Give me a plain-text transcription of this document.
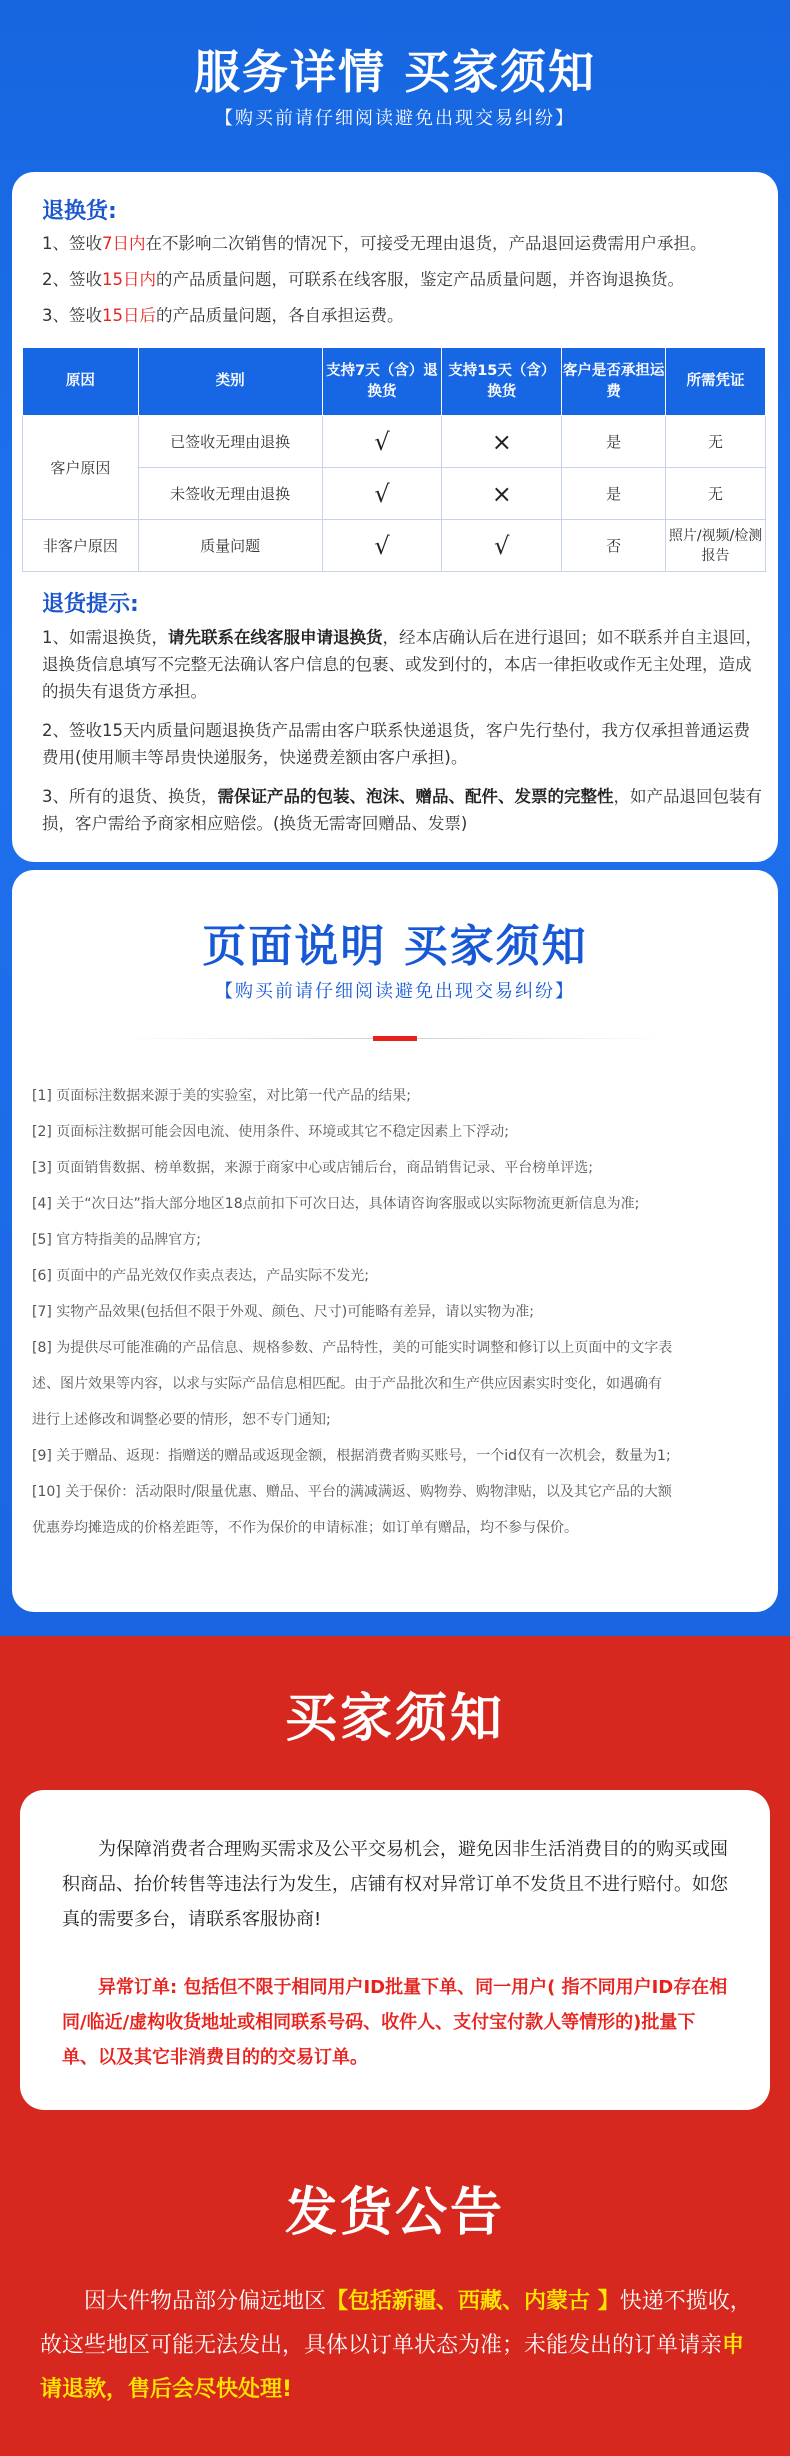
服务详情 买家须知
【购买前请仔细阅读避免出现交易纠纷】
退换货:
1、签收7日内在不影响二次销售的情况下，可接受无理由退货，产品退回运费需用户承担。
2、签收15日内的产品质量问题，可联系在线客服，鉴定产品质量问题，并咨询退换货。
3、签收15日后的产品质量问题，各自承担运费。
原因	类别	支持7天（含）退换货	支持15天（含）换货	客户是否承担运费	所需凭证
客户原因	已签收无理由退换	√	×	是	无
	未签收无理由退换	√	×	是	无
非客户原因	质量问题	√	√	否	照片/视频/检测报告
退货提示:
1、如需退换货，请先联系在线客服申请退换货，经本店确认后在进行退回；如不联系并自主退回，退换货信息填写不完整无法确认客户信息的包裹、或发到付的，本店一律拒收或作无主处理，造成的损失有退货方承担。
2、签收15天内质量问题退换货产品需由客户联系快递退货，客户先行垫付，我方仅承担普通运费费用(使用顺丰等昂贵快递服务，快递费差额由客户承担)。
3、所有的退货、换货，需保证产品的包装、泡沫、赠品、配件、发票的完整性，如产品退回包装有损，客户需给予商家相应赔偿。(换货无需寄回赠品、发票)
页面说明 买家须知
【购买前请仔细阅读避免出现交易纠纷】
[1] 页面标注数据来源于美的实验室，对比第一代产品的结果;
[2] 页面标注数据可能会因电流、使用条件、环境或其它不稳定因素上下浮动;
[3] 页面销售数据、榜单数据，来源于商家中心或店铺后台，商品销售记录、平台榜单评选;
[4] 关于“次日达”指大部分地区18点前扣下可次日达，具体请咨询客服或以实际物流更新信息为准;
[5] 官方特指美的品牌官方;
[6] 页面中的产品光效仅作卖点表达，产品实际不发光;
[7] 实物产品效果(包括但不限于外观、颜色、尺寸)可能略有差异，请以实物为准;
[8] 为提供尽可能准确的产品信息、规格参数、产品特性，美的可能实时调整和修订以上页面中的文字表
述、图片效果等内容，以求与实际产品信息相匹配。由于产品批次和生产供应因素实时变化，如遇确有
进行上述修改和调整必要的情形，恕不专门通知;
[9] 关于赠品、返现：指赠送的赠品或返现金额，根据消费者购买账号，一个id仅有一次机会，数量为1;
[10] 关于保价：活动限时/限量优惠、赠品、平台的满减满返、购物券、购物津贴，以及其它产品的大额
优惠券均摊造成的价格差距等，不作为保价的申请标准；如订单有赠品，均不参与保价。
买家须知
为保障消费者合理购买需求及公平交易机会，避免因非生活消费目的的购买或囤积商品、抬价转售等违法行为发生，店铺有权对异常订单不发货且不进行赔付。如您真的需要多台，请联系客服协商!
异常订单: 包括但不限于相同用户ID批量下单、同一用户( 指不同用户ID存在相同/临近/虚构收货地址或相同联系号码、收件人、支付宝付款人等情形的)批量下单、以及其它非消费目的的交易订单。
发货公告
因大件物品部分偏远地区【包括新疆、西藏、内蒙古 】快递不揽收，故这些地区可能无法发出，具体以订单状态为准；未能发出的订单请亲申请退款，售后会尽快处理!
